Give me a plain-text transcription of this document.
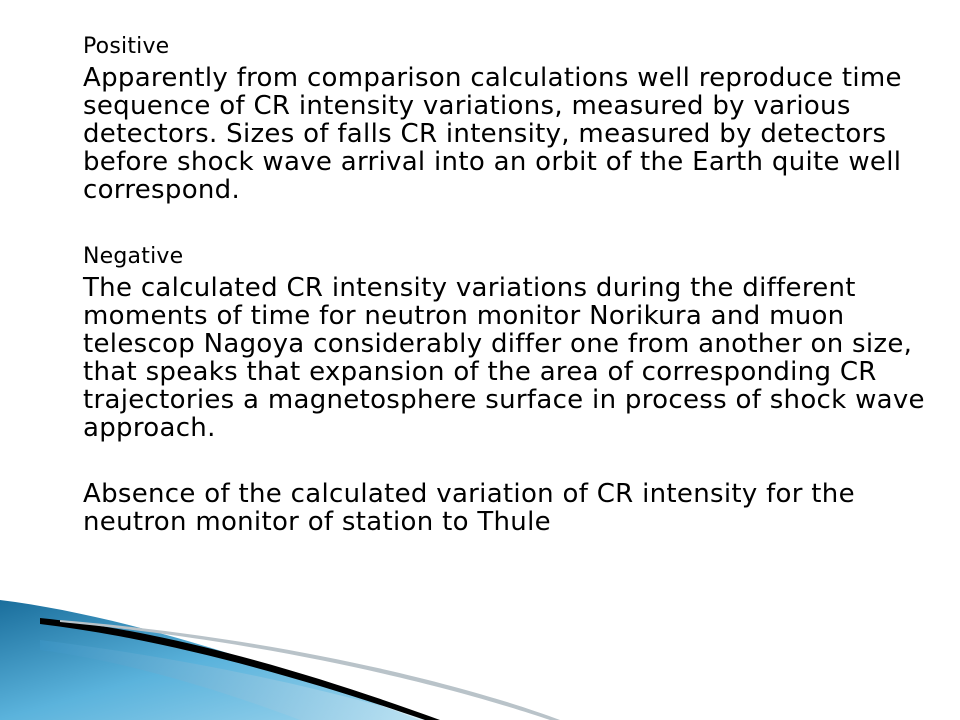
Positive

Apparently from comparison calculations well reproduce time sequence of CR intensity variations, measured by various detectors. Sizes of falls CR intensity, measured by detectors before shock wave arrival into an orbit of the Earth quite well correspond.

Negative

The calculated CR intensity variations during the different moments of time for neutron monitor Norikura and muon telescop Nagoya considerably differ one from another on size, that speaks that expansion of the area of corresponding CR trajectories a magnetosphere surface in process of shock wave approach.

Absence of the calculated variation of CR intensity for the neutron monitor of station to Thule
